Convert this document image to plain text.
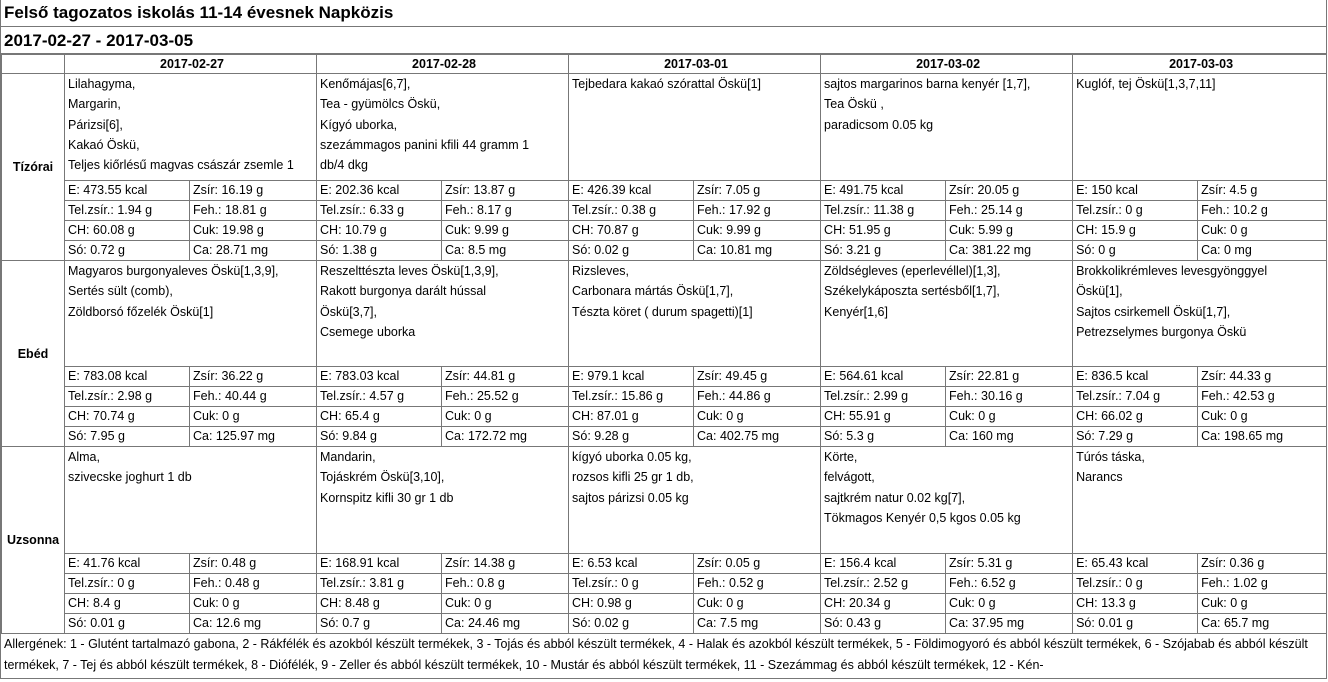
Felső tagozatos iskolás 11-14 évesnek Napközis
2017-02-27 - 2017-03-05
	2017-02-27		2017-02-28		2017-03-01		2017-03-02		2017-03-03	
Tízórai	Lilahagyma,
Margarin,
Párizsi[6],
Kakaó Öskü,
Teljes kiőrlésű magvas császár zsemle 1		Kenőmájas[6,7],
Tea - gyümölcs Öskü,
Kígyó uborka,
szezámmagos panini kfili 44 gramm 1
db/4 dkg		Tejbedara kakaó szórattal Öskü[1]		sajtos margarinos barna kenyér [1,7],
Tea Öskü ,
paradicsom 0.05 kg		Kuglóf, tej Öskü[1,3,7,11]	

	E: 473.55 kcal	Zsír: 16.19 g	E: 202.36 kcal	Zsír: 13.87 g	E: 426.39 kcal	Zsír: 7.05 g	E: 491.75 kcal	Zsír: 20.05 g	E: 150 kcal	Zsír: 4.5 g
	Tel.zsír.: 1.94 g	Feh.: 18.81 g	Tel.zsír.: 6.33 g	Feh.: 8.17 g	Tel.zsír.: 0.38 g	Feh.: 17.92 g	Tel.zsír.: 11.38 g	Feh.: 25.14 g	Tel.zsír.: 0 g	Feh.: 10.2 g
	CH: 60.08 g	Cuk: 19.98 g	CH: 10.79 g	Cuk: 9.99 g	CH: 70.87 g	Cuk: 9.99 g	CH: 51.95 g	Cuk: 5.99 g	CH: 15.9 g	Cuk: 0 g
	Só: 0.72 g	Ca: 28.71 mg	Só: 1.38 g	Ca: 8.5 mg	Só: 0.02 g	Ca: 10.81 mg	Só: 3.21 g	Ca: 381.22 mg	Só: 0 g	Ca: 0 mg
Ebéd	Magyaros burgonyaleves Öskü[1,3,9],
Sertés sült (comb),
Zöldborsó főzelék Öskü[1]		Reszelttészta leves Öskü[1,3,9],
Rakott burgonya darált hússal
Öskü[3,7],
Csemege uborka		Rizsleves,
Carbonara mártás Öskü[1,7],
Tészta köret ( durum spagetti)[1]		Zöldségleves (eperlevéllel)[1,3],
Székelykáposzta sertésből[1,7],
Kenyér[1,6]		Brokkolikrémleves levesgyönggyel
Öskü[1],
Sajtos csirkemell Öskü[1,7],
Petrezselymes burgonya Öskü	

	E: 783.08 kcal	Zsír: 36.22 g	E: 783.03 kcal	Zsír: 44.81 g	E: 979.1 kcal	Zsír: 49.45 g	E: 564.61 kcal	Zsír: 22.81 g	E: 836.5 kcal	Zsír: 44.33 g
	Tel.zsír.: 2.98 g	Feh.: 40.44 g	Tel.zsír.: 4.57 g	Feh.: 25.52 g	Tel.zsír.: 15.86 g	Feh.: 44.86 g	Tel.zsír.: 2.99 g	Feh.: 30.16 g	Tel.zsír.: 7.04 g	Feh.: 42.53 g
	CH: 70.74 g	Cuk: 0 g	CH: 65.4 g	Cuk: 0 g	CH: 87.01 g	Cuk: 0 g	CH: 55.91 g	Cuk: 0 g	CH: 66.02 g	Cuk: 0 g
	Só: 7.95 g	Ca: 125.97 mg	Só: 9.84 g	Ca: 172.72 mg	Só: 9.28 g	Ca: 402.75 mg	Só: 5.3 g	Ca: 160 mg	Só: 7.29 g	Ca: 198.65 mg
Uzsonna	Alma,
szivecske joghurt 1 db		Mandarin,
Tojáskrém Öskü[3,10],
Kornspitz kifli 30 gr 1 db		kígyó uborka 0.05 kg,
rozsos kifli 25 gr 1 db,
sajtos párizsi 0.05 kg		Körte,
felvágott,
sajtkrém natur 0.02 kg[7],
Tökmagos Kenyér 0,5 kgos 0.05 kg		Túrós táska,
Narancs	

	E: 41.76 kcal	Zsír: 0.48 g	E: 168.91 kcal	Zsír: 14.38 g	E: 6.53 kcal	Zsír: 0.05 g	E: 156.4 kcal	Zsír: 5.31 g	E: 65.43 kcal	Zsír: 0.36 g
	Tel.zsír.: 0 g	Feh.: 0.48 g	Tel.zsír.: 3.81 g	Feh.: 0.8 g	Tel.zsír.: 0 g	Feh.: 0.52 g	Tel.zsír.: 2.52 g	Feh.: 6.52 g	Tel.zsír.: 0 g	Feh.: 1.02 g
	CH: 8.4 g	Cuk: 0 g	CH: 8.48 g	Cuk: 0 g	CH: 0.98 g	Cuk: 0 g	CH: 20.34 g	Cuk: 0 g	CH: 13.3 g	Cuk: 0 g
	Só: 0.01 g	Ca: 12.6 mg	Só: 0.7 g	Ca: 24.46 mg	Só: 0.02 g	Ca: 7.5 mg	Só: 0.43 g	Ca: 37.95 mg	Só: 0.01 g	Ca: 65.7 mg
Allergének: 1 - Glutént tartalmazó gabona, 2 - Rákfélék és azokból készült termékek, 3 - Tojás és abból készült termékek, 4 - Halak és azokból készült termékek, 5 - Földimogyoró és abból készült termékek, 6 - Szójabab és abból készült termékek, 7 - Tej és abból készült termékek, 8 - Diófélék, 9 - Zeller és abból készült termékek, 10 - Mustár és abból készült termékek, 11 - Szezámmag és abból készült termékek, 12 - Kén-
